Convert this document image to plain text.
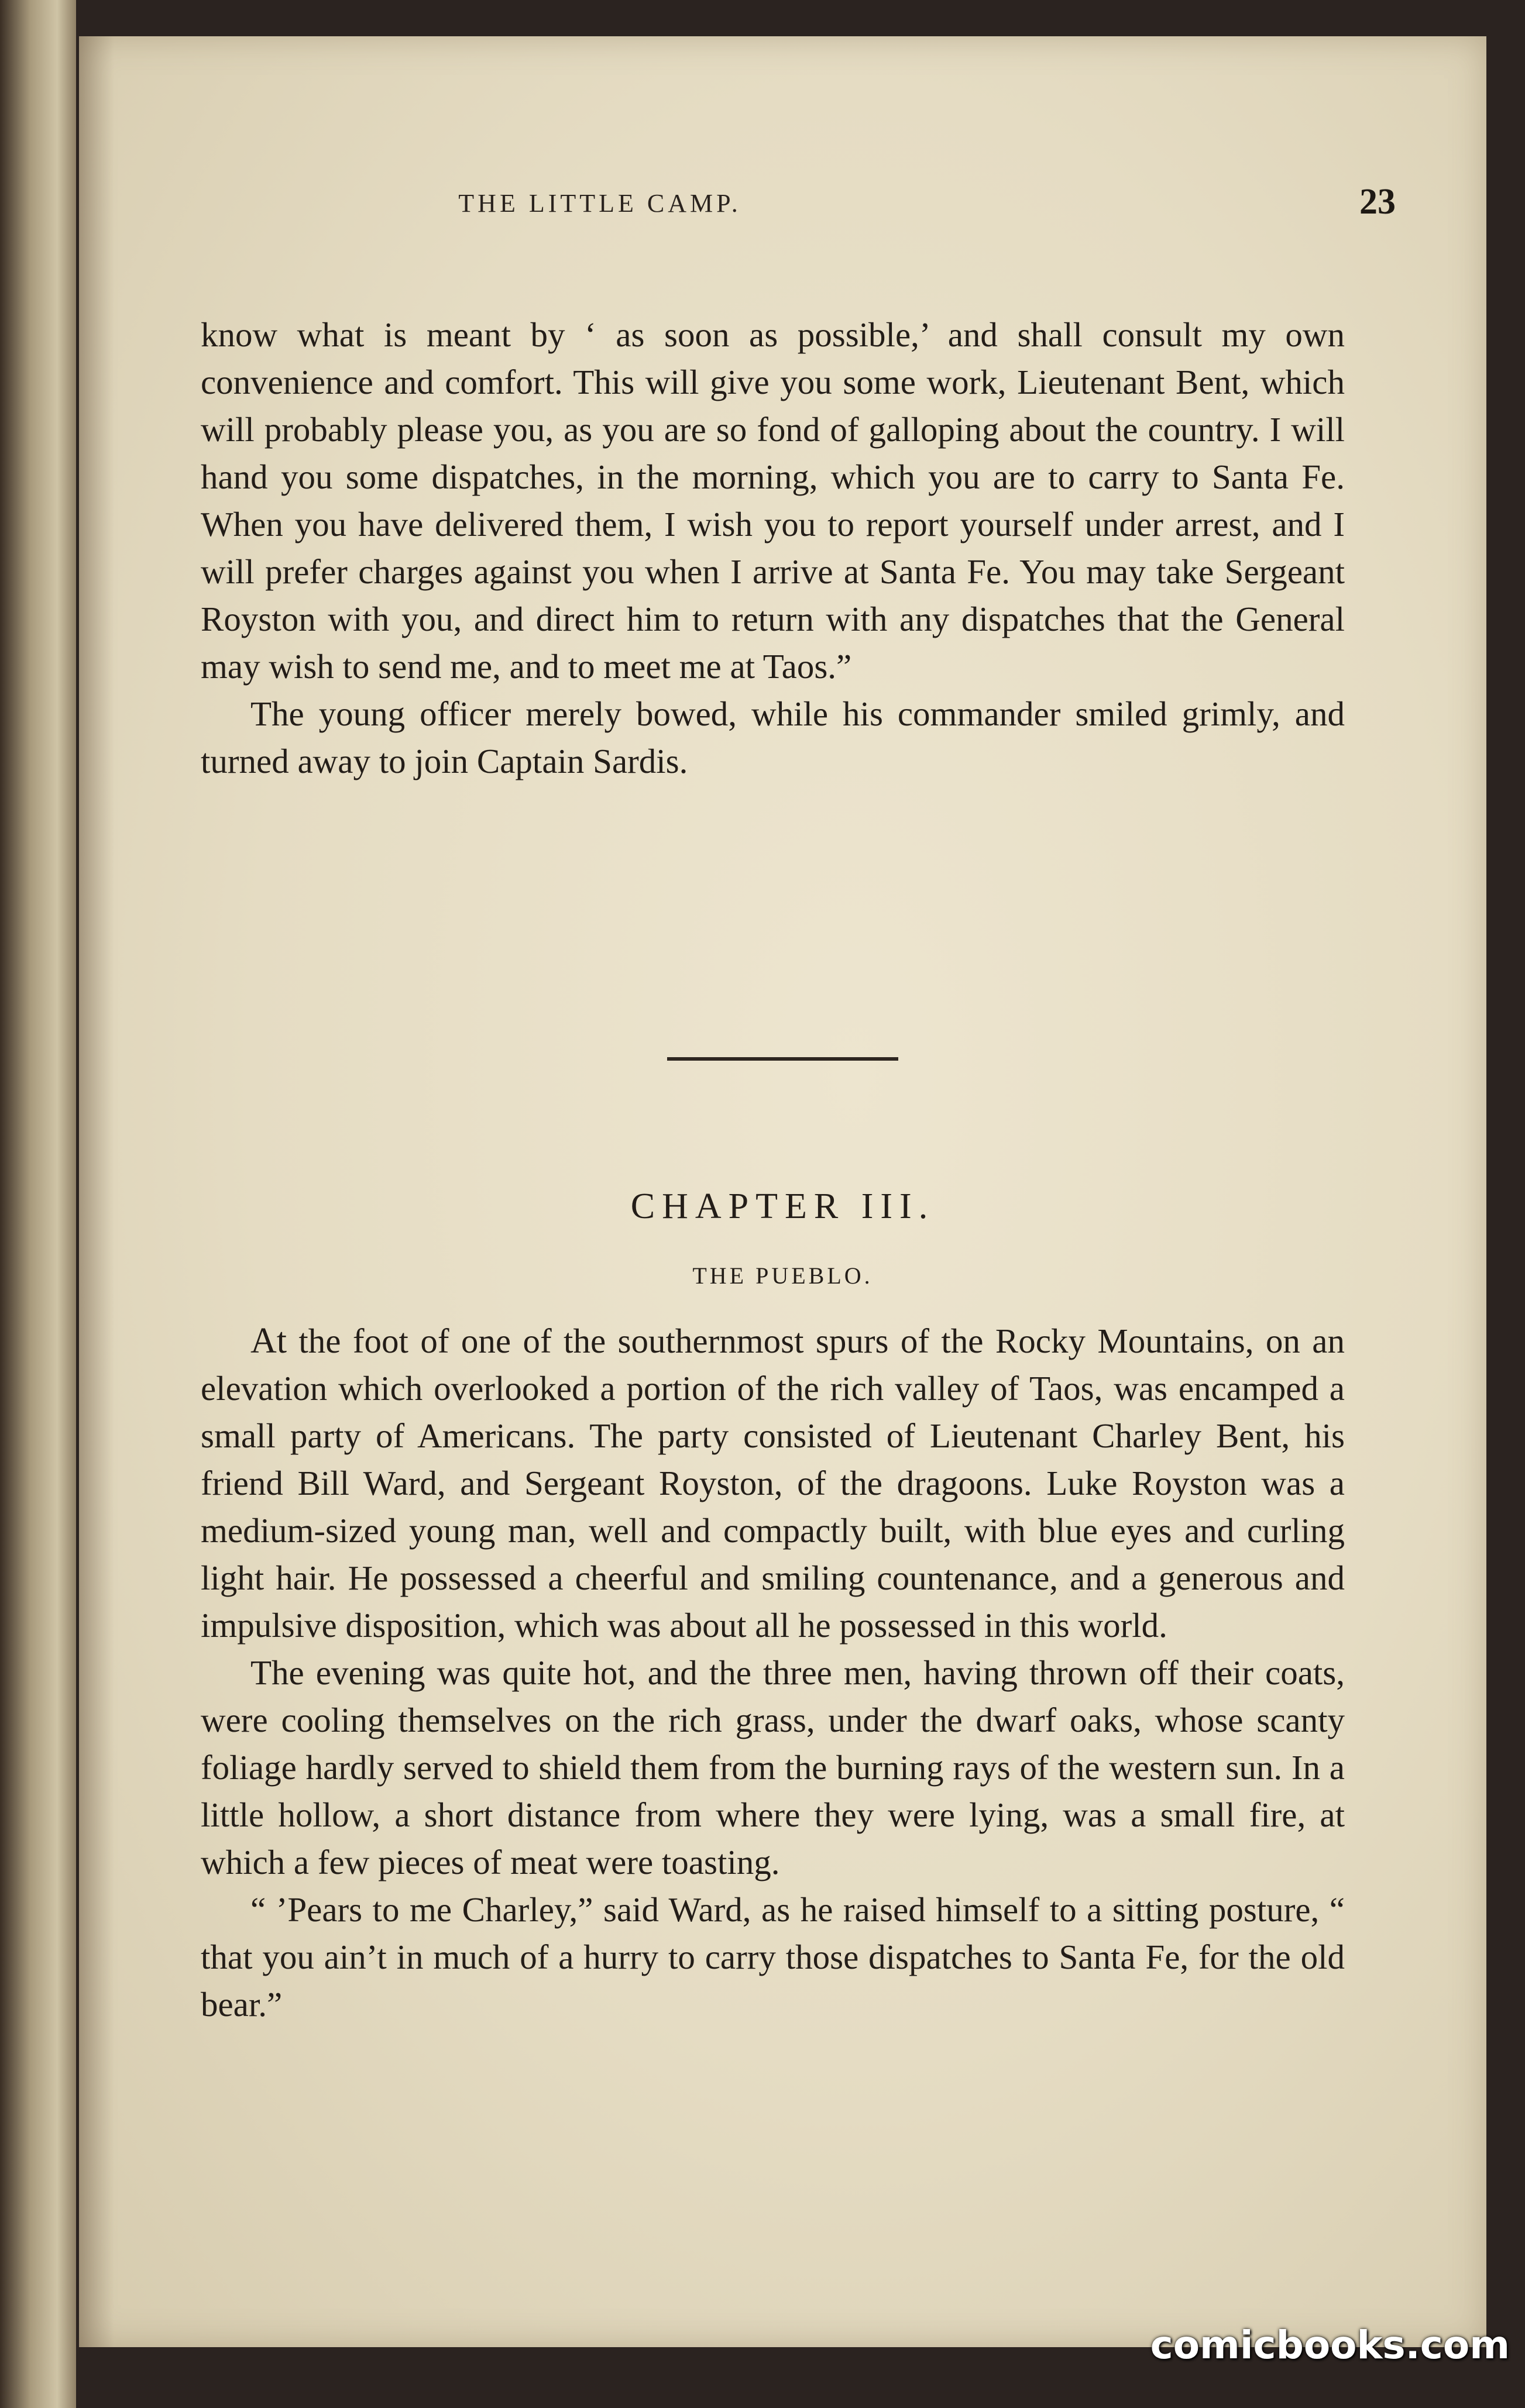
THE LITTLE CAMP.	23

know what is meant by ‘ as soon as possible,’ and shall consult my own convenience and comfort. This will give you some work, Lieutenant Bent, which will probably please you, as you are so fond of galloping about the country. I will hand you some dispatches, in the morning, which you are to carry to Santa Fe. When you have delivered them, I wish you to report yourself under arrest, and I will prefer charges against you when I arrive at Santa Fe. You may take Sergeant Royston with you, and direct him to return with any dispatches that the General may wish to send me, and to meet me at Taos.”

The young officer merely bowed, while his commander smiled grimly, and turned away to join Captain Sardis.

CHAPTER III.
THE PUEBLO.

At the foot of one of the southernmost spurs of the Rocky Mountains, on an elevation which overlooked a portion of the rich valley of Taos, was encamped a small party of Americans. The party consisted of Lieutenant Charley Bent, his friend Bill Ward, and Sergeant Royston, of the dragoons. Luke Royston was a medium-sized young man, well and compactly built, with blue eyes and curling light hair. He possessed a cheerful and smiling countenance, and a generous and impulsive disposition, which was about all he possessed in this world.

The evening was quite hot, and the three men, having thrown off their coats, were cooling themselves on the rich grass, under the dwarf oaks, whose scanty foliage hardly served to shield them from the burning rays of the western sun. In a little hollow, a short distance from where they were lying, was a small fire, at which a few pieces of meat were toasting.

“ ’Pears to me Charley,” said Ward, as he raised himself to a sitting posture, “ that you ain’t in much of a hurry to carry those dispatches to Santa Fe, for the old bear.”

comicbooks.com
